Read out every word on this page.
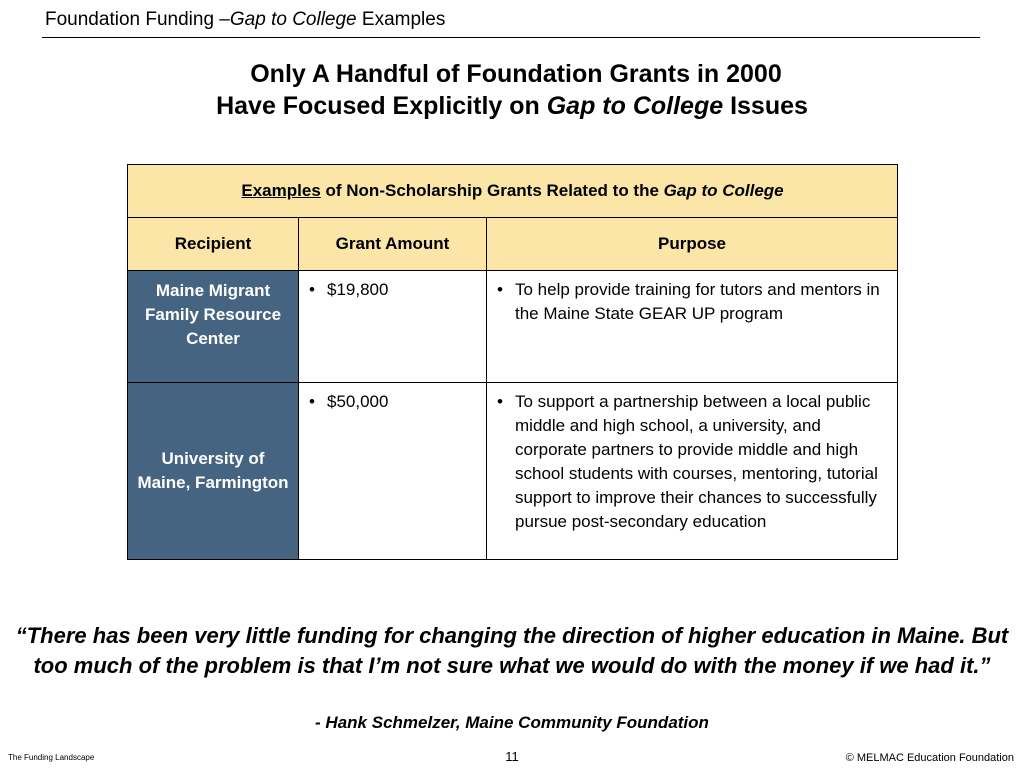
Foundation Funding –Gap to College Examples
Only A Handful of Foundation Grants in 2000
Have Focused Explicitly on Gap to College Issues
Examples of Non-Scholarship Grants Related to the Gap to College		
Recipient	Grant Amount	Purpose
Maine Migrant Family Resource Center	• $19,800	• To help provide training for tutors and mentors in the Maine State GEAR UP program

University of Maine, Farmington	• $50,000	• To support a partnership between a local public middle and high school, a university, and corporate partners to provide middle and high school students with courses, mentoring, tutorial support to improve their chances to successfully pursue post-secondary education
“There has been very little funding for changing the direction of higher education in Maine. But too much of the problem is that I’m not sure what we would do with the money if we had it.”
- Hank Schmelzer, Maine Community Foundation
The Funding Landscape	11	© MELMAC Education Foundation
